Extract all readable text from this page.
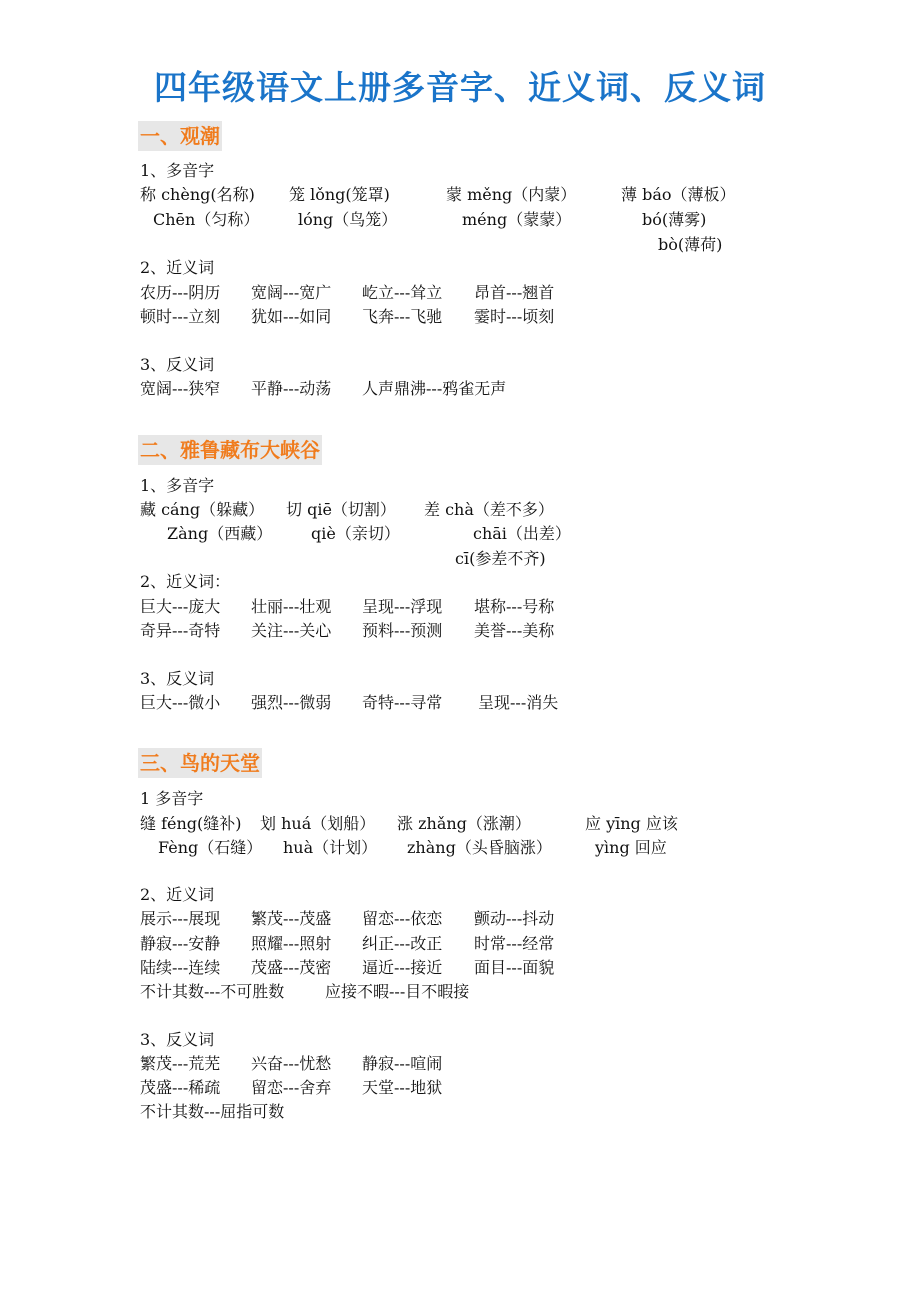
四年级语文上册多音字、近义词、反义词
一、观潮
1、多音字
称 chèng(名称) 笼 lǒng(笼罩)	蒙 měng（内蒙）	薄 báo（薄板）
Chēn（匀称） lóng（鸟笼）	méng（蒙蒙）	bó(薄雾)
bò(薄荷)
2、近义词
农历---阴历 宽阔---宽广 屹立---耸立 昂首---翘首
顿时---立刻 犹如---如同 飞奔---飞驰 霎时---顷刻
3、反义词
宽阔---狭窄 平静---动荡 人声鼎沸---鸦雀无声
二、雅鲁藏布大峡谷
1、多音字
藏 cáng（躲藏） 切 qiē（切割） 差 chà（差不多）
Zàng（西藏） qiè（亲切）	chāi（出差）
cī(参差不齐)
2、近义词：
巨大---庞大 壮丽---壮观 呈现---浮现 堪称---号称
奇异---奇特 关注---关心 预料---预测 美誉---美称
3、反义词
巨大---微小 强烈---微弱 奇特---寻常 呈现---消失
三、鸟的天堂
1 多音字
缝 féng(缝补) 划 huá（划船） 涨 zhǎng（涨潮）	应 yīng 应该
Fèng（石缝） huà（计划） zhàng（头昏脑涨）	yìng 回应
2、近义词
展示---展现 繁茂---茂盛 留恋---依恋 颤动---抖动
静寂---安静 照耀---照射 纠正---改正 时常---经常
陆续---连续 茂盛---茂密 逼近---接近 面目---面貌
不计其数---不可胜数	应接不暇---目不暇接
3、反义词
繁茂---荒芜 兴奋---忧愁 静寂---喧闹
茂盛---稀疏 留恋---舍弃 天堂---地狱
不计其数---屈指可数
